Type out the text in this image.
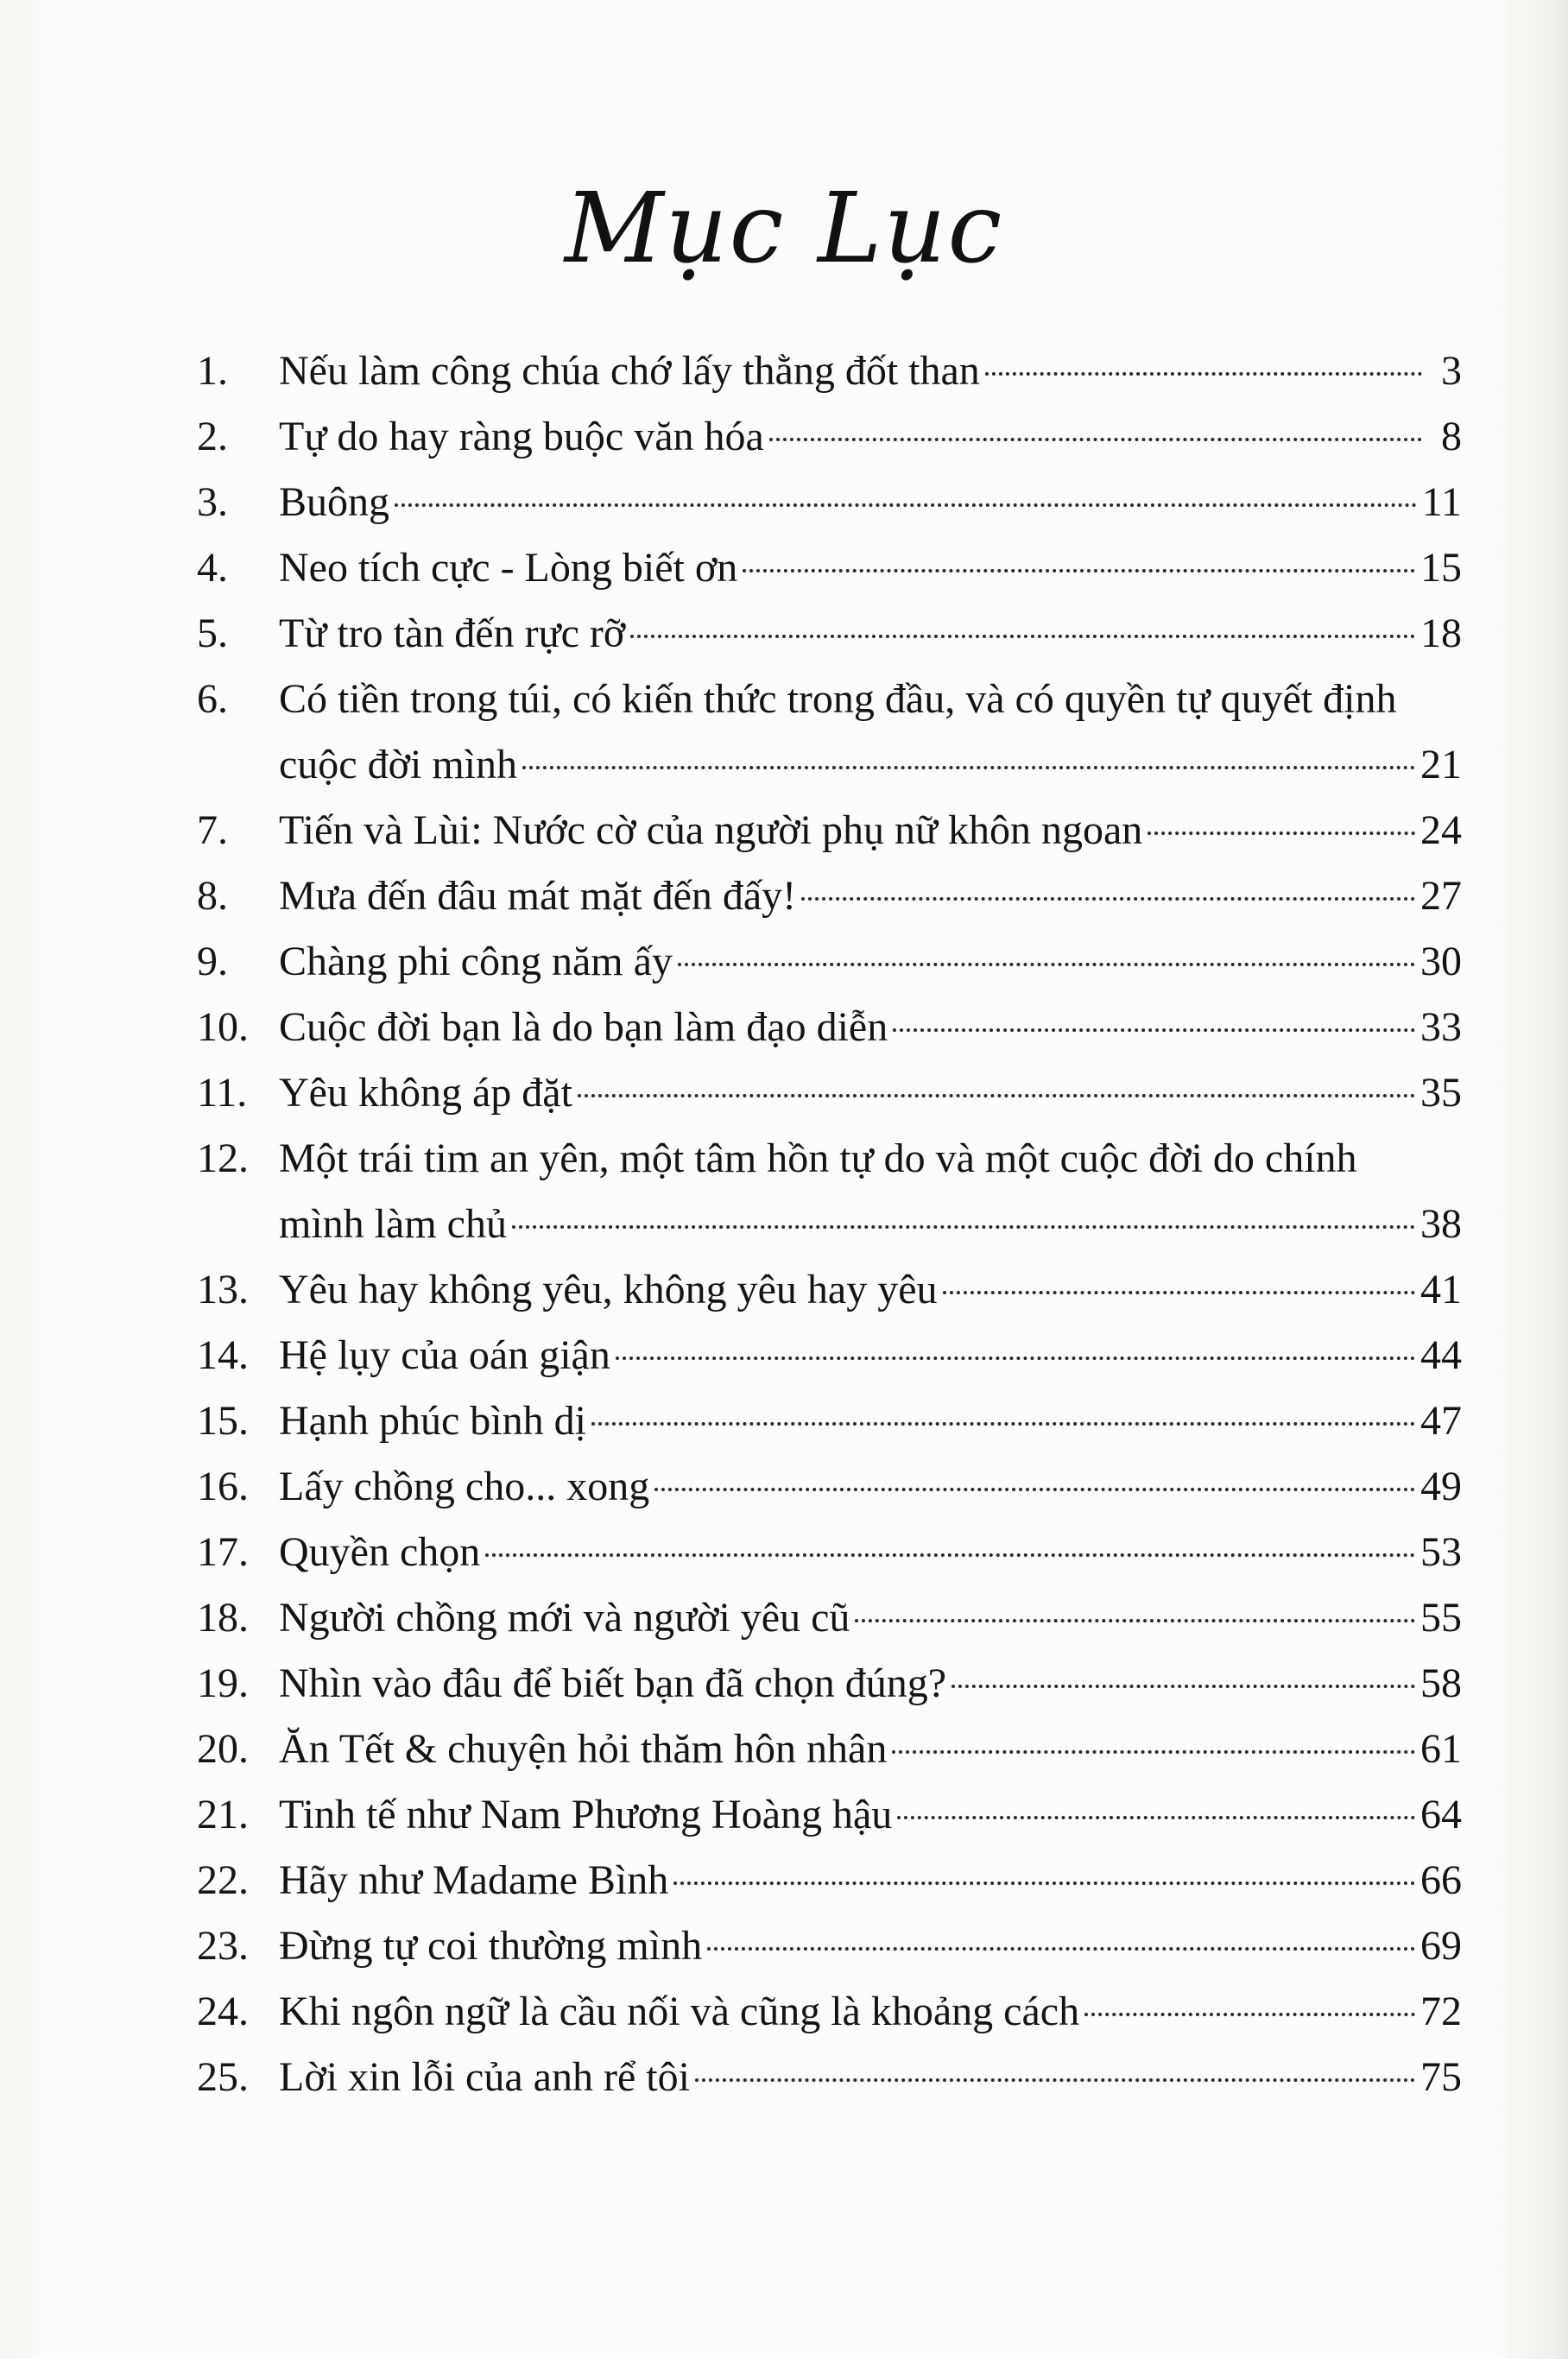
Mục Lục
1.	Nếu làm công chúa chớ lấy thằng đốt than	3
2.	Tự do hay ràng buộc văn hóa	8
3.	Buông	11
4.	Neo tích cực - Lòng biết ơn	15
5.	Từ tro tàn đến rực rỡ	18
6.	Có tiền trong túi, có kiến thức trong đầu, và có quyền tự quyết định
cuộc đời mình	21
7.	Tiến và Lùi: Nước cờ của người phụ nữ khôn ngoan	24
8.	Mưa đến đâu mát mặt đến đấy!	27
9.	Chàng phi công năm ấy	30
10. Cuộc đời bạn là do bạn làm đạo diễn	33
11. Yêu không áp đặt	35
12. Một trái tim an yên, một tâm hồn tự do và một cuộc đời do chính
mình làm chủ	38
13. Yêu hay không yêu, không yêu hay yêu	41
14. Hệ lụy của oán giận	44
15. Hạnh phúc bình dị	47
16. Lấy chồng cho... xong	49
17. Quyền chọn	53
18. Người chồng mới và người yêu cũ	55
19. Nhìn vào đâu để biết bạn đã chọn đúng?	58
20. Ăn Tết & chuyện hỏi thăm hôn nhân	61
21. Tinh tế như Nam Phương Hoàng hậu	64
22. Hãy như Madame Bình	66
23. Đừng tự coi thường mình	69
24. Khi ngôn ngữ là cầu nối và cũng là khoảng cách	72
25. Lời xin lỗi của anh rể tôi	75
